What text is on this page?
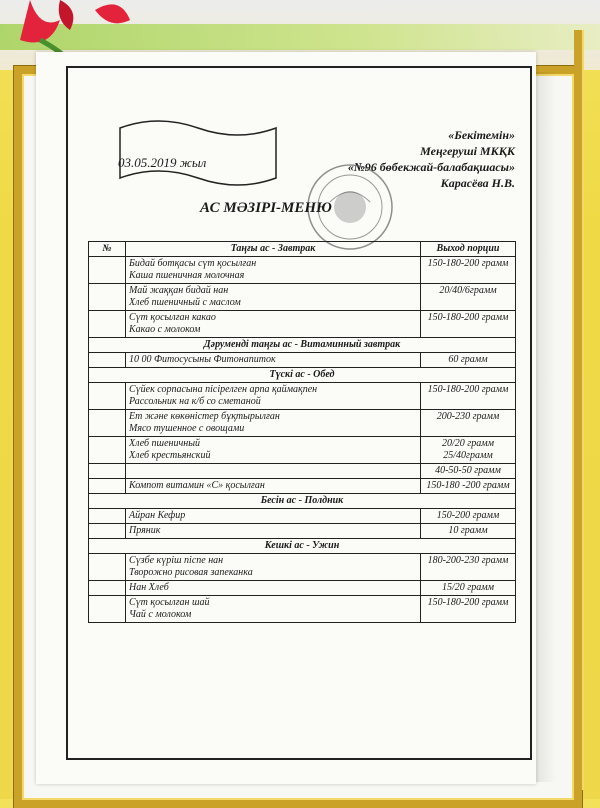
03.05.2019 жыл
«Бекітемін»
Меңгеруші МКҚК
«№96 бөбекжай-балабақшасы»
Карасёва Н.В.
АС МӘЗІРІ-МЕНЮ
№	Таңғы ас - Завтрак	Выход порции
	Бидай ботқасы сүт қосылған
Каша пшеничная молочная	150-180-200 грамм
	Май жаққан бидай нан
Хлеб пшеничный с маслом	20/40/6грамм
	Сүт қосылған какао
Какао с молоком	150-180-200 грамм
Дәруменді таңғы ас - Витаминный завтрак		
	10 00 Фитосусыны Фитонапиток	60 грамм
Түскі ас - Обед		
	Сүйек сорпасына пісірелген арпа қаймақпен
Рассольник на к/б со сметаной	150-180-200 грамм
	Ет және көкөністер бұқтырылған
Мясо тушенное с овощами	200-230 грамм
	Хлеб пшеничный
Хлеб крестьянский	20/20 грамм 25/40грамм
		40-50-50 грамм
	Компот витамин «С» қосылған	150-180 -200 грамм
Бесін ас - Полдник		
	Айран Кефир	150-200 грамм
	Пряник	10 грамм
Кешкі ас - Ужин		
	Сүзбе күріш піспе нан
Творожно рисовая запеканка	180-200-230 грамм
	Нан Хлеб	15/20 грамм
	Сүт қосылған шай
Чай с молоком	150-180-200 грамм
